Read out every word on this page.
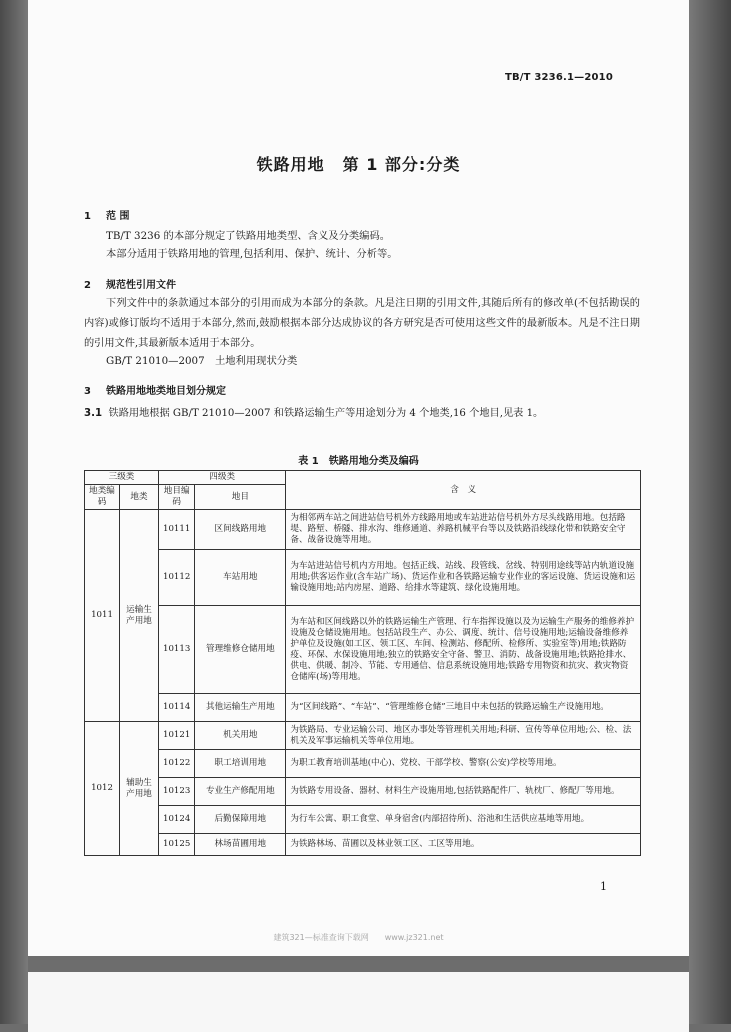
TB/T 3236.1—2010
铁路用地 第 1 部分:分类
1 范 围
TB/T 3236 的本部分规定了铁路用地类型、含义及分类编码。
本部分适用于铁路用地的管理,包括利用、保护、统计、分析等。
2 规范性引用文件
下列文件中的条款通过本部分的引用而成为本部分的条款。凡是注日期的引用文件,其随后所有的修改单(不包括勘误的内容)或修订版均不适用于本部分,然而,鼓励根据本部分达成协议的各方研究是否可使用这些文件的最新版本。凡是不注日期的引用文件,其最新版本适用于本部分。
GB/T 21010—2007　土地利用现状分类
3 铁路用地地类地目划分规定
3.1 铁路用地根据 GB/T 21010—2007 和铁路运输生产等用途划分为 4 个地类,16 个地目,见表 1。
表 1　铁路用地分类及编码
三级类		四级类		含　义
地类编码	地类	地目编码	地目	
1011	运输生产用地	10111	区间线路用地	为相邻两车站之间进站信号机外方线路用地或车站进站信号机外方尽头线路用地。包括路堤、路堑、桥隧、排水沟、维修通道、养路机械平台等以及铁路沿线绿化带和铁路安全守备、战备设施等用地。
		10112	车站用地	为车站进站信号机内方用地。包括正线、站线、段管线、岔线、特别用途线等站内轨道设施用地;供客运作业(含车站广场)、货运作业和各铁路运输专业作业的客运设施、货运设施和运输设施用地;站内房屋、道路、给排水等建筑、绿化设施用地。
		10113	管理维修仓储用地	为车站和区间线路以外的铁路运输生产管理、行车指挥设施以及为运输生产服务的维修养护设施及仓储设施用地。包括站段生产、办公、调度、统计、信号设施用地;运输设备维修养护单位及设施(如工区、领工区、车间、检测站、修配所、检修所、实验室等)用地;铁路防疫、环保、水保设施用地;独立的铁路安全守备、警卫、消防、战备设施用地;铁路抢排水、供电、供暖、制冷、节能、专用通信、信息系统设施用地;铁路专用物资和抗灾、救灾物资仓储库(场)等用地。
		10114	其他运输生产用地	为“区间线路”、“车站”、“管理维修仓储”三地目中未包括的铁路运输生产设施用地。
1012	辅助生产用地	10121	机关用地	为铁路局、专业运输公司、地区办事处等管理机关用地;科研、宣传等单位用地;公、检、法机关及军事运输机关等单位用地。
		10122	职工培训用地	为职工教育培训基地(中心)、党校、干部学校、警察(公安)学校等用地。
		10123	专业生产修配用地	为铁路专用设备、器材、材料生产设施用地,包括铁路配件厂、轨枕厂、修配厂等用地。
		10124	后勤保障用地	为行车公寓、职工食堂、单身宿舍(内部招待所)、浴池和生活供应基地等用地。
		10125	林场苗圃用地	为铁路林场、苗圃以及林业领工区、工区等用地。
1
建筑321—标准查询下载网　　www.jz321.net
